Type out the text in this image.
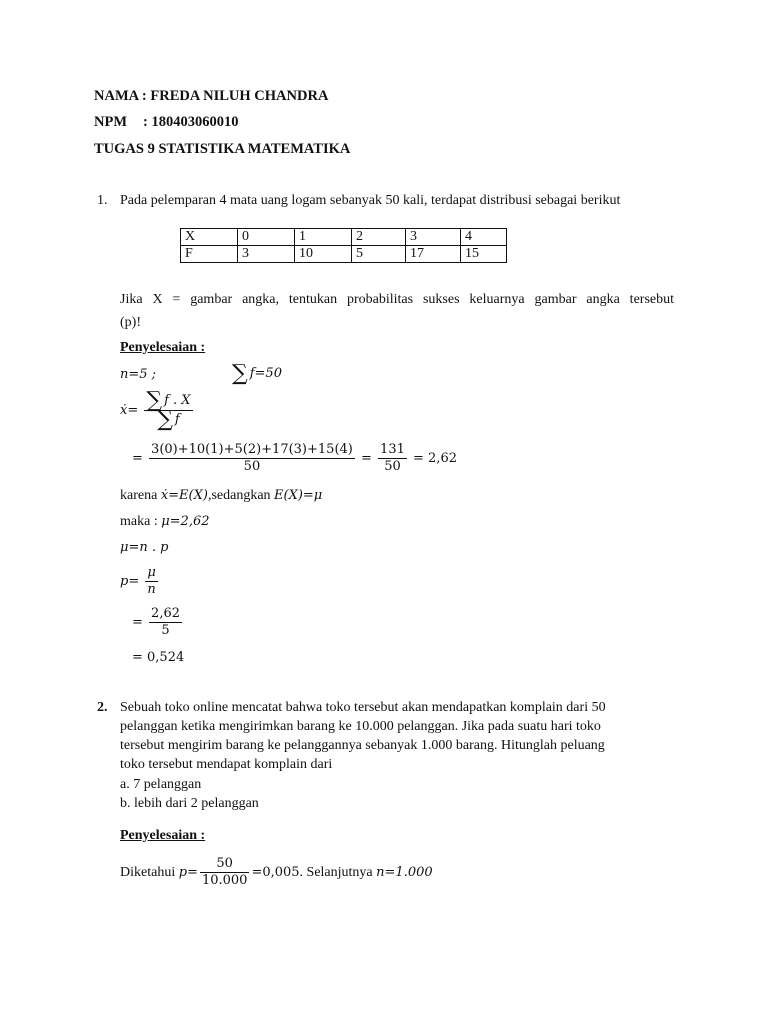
NAMA : FREDA NILUH CHANDRA
NPM : 180403060010
TUGAS 9 STATISTIKA MATEMATIKA
1. Pada pelemparan 4 mata uang logam sebanyak 50 kali, terdapat distribusi sebagai berikut
X	0	1	2	3	4
F	3	10	5	17	15
Jika X = gambar angka, tentukan probabilitas sukses keluarnya gambar angka tersebut
(p)!
Penyelesaian :
n=5 ;	∑ f=50
ẋ= $\frac{\sum f . X}{\sum f}$
= $\frac{3(0)+10(1)+5(2)+17(3)+15(4)}{50} = \frac{131}{50} = 2,62$
karena ẋ=E(X),sedangkan E(X)=μ
maka : μ=2,62
μ=n . p
$p= \frac{\mu}{n}$
= $\frac{2,62}{5}$
= 0,524
2. Sebuah toko online mencatat bahwa toko tersebut akan mendapatkan komplain dari 50
pelanggan ketika mengirimkan barang ke 10.000 pelanggan. Jika pada suatu hari toko
tersebut mengirim barang ke pelanggannya sebanyak 1.000 barang. Hitunglah peluang
toko tersebut mendapat komplain dari
a. 7 pelanggan
b. lebih dari 2 pelanggan
Penyelesaian :
Diketahui $p= \frac{50}{10.000} =0,005$. Selanjutnya n=1.000
